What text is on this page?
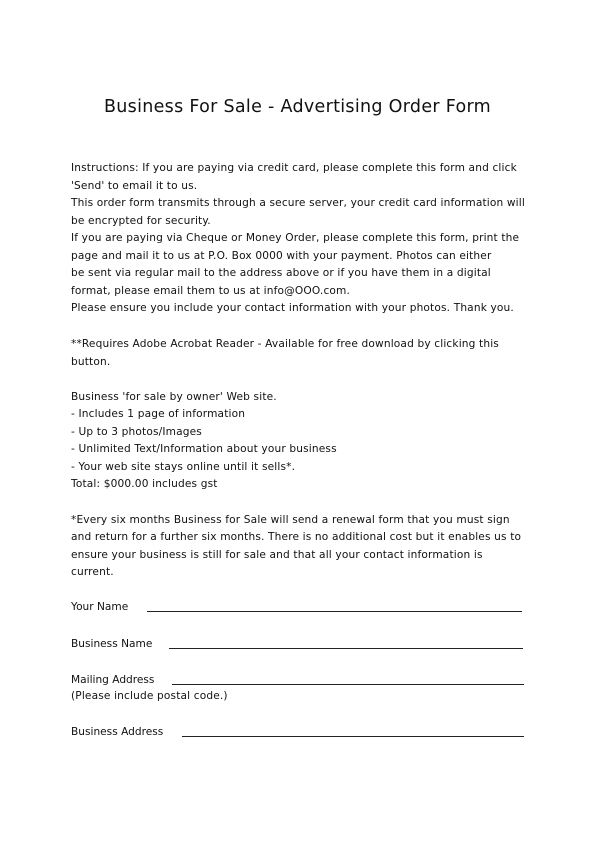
Business For Sale - Advertising Order Form
Instructions: If you are paying via credit card, please complete this form and click
'Send' to email it to us.
This order form transmits through a secure server, your credit card information will
be encrypted for security.
If you are paying via Cheque or Money Order, please complete this form, print the
page and mail it to us at P.O. Box 0000 with your payment. Photos can either
be sent via regular mail to the address above or if you have them in a digital
format, please email them to us at info@OOO.com.
Please ensure you include your contact information with your photos. Thank you.
**Requires Adobe Acrobat Reader - Available for free download by clicking this
button.
Business 'for sale by owner' Web site.
- Includes 1 page of information
- Up to 3 photos/Images
- Unlimited Text/Information about your business
- Your web site stays online until it sells*.
Total: $000.00 includes gst
*Every six months Business for Sale will send a renewal form that you must sign
and return for a further six months. There is no additional cost but it enables us to
ensure your business is still for sale and that all your contact information is
current.
Your Name
Business Name
Mailing Address
(Please include postal code.)
Business Address
